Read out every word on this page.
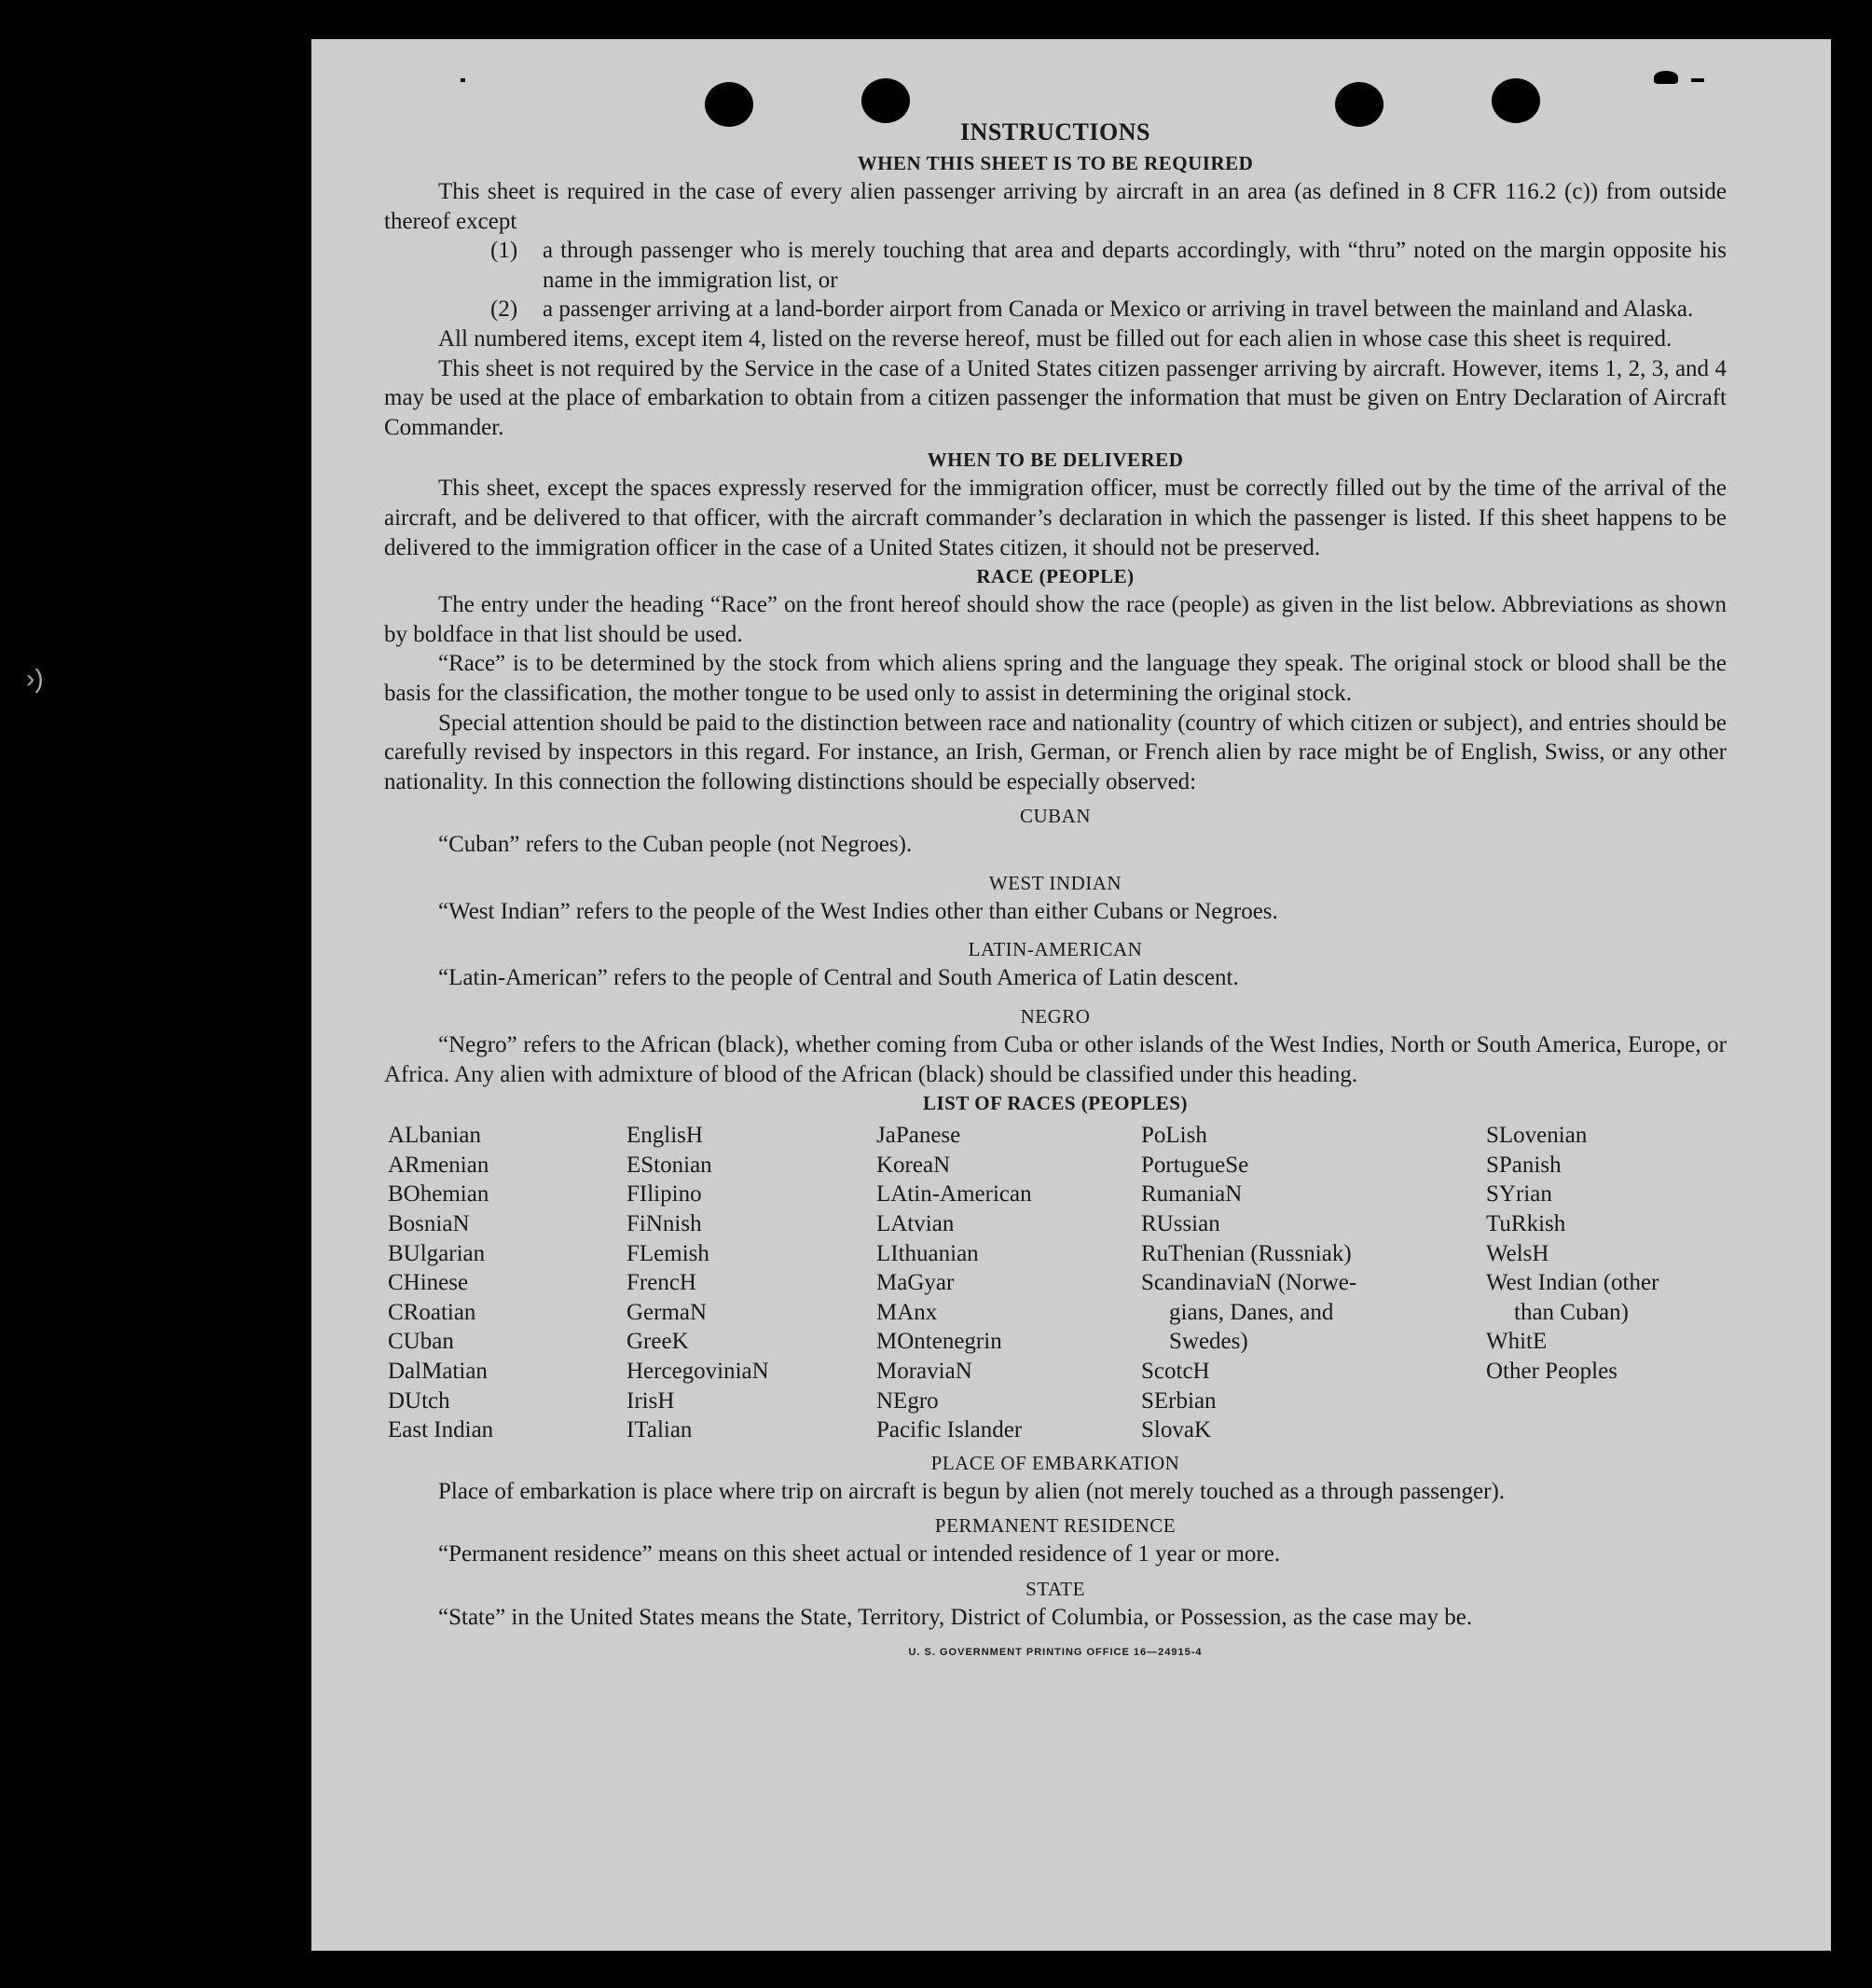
›)
INSTRUCTIONS
WHEN THIS SHEET IS TO BE REQUIRED

This sheet is required in the case of every alien passenger arriving by aircraft in an area (as defined in 8 CFR 116.2 (c)) from outside thereof except

(1)	a through passenger who is merely touching that area and departs accordingly, with “thru” noted on the margin opposite his name in the immigration list, or
(2)	a passenger arriving at a land-border airport from Canada or Mexico or arriving in travel between the mainland and Alaska.

All numbered items, except item 4, listed on the reverse hereof, must be filled out for each alien in whose case this sheet is required.

This sheet is not required by the Service in the case of a United States citizen passenger arriving by aircraft. However, items 1, 2, 3, and 4 may be used at the place of embarkation to obtain from a citizen passenger the information that must be given on Entry Declaration of Aircraft Commander.

WHEN TO BE DELIVERED

This sheet, except the spaces expressly reserved for the immigration officer, must be correctly filled out by the time of the arrival of the aircraft, and be delivered to that officer, with the aircraft commander’s declaration in which the passenger is listed. If this sheet happens to be delivered to the immigration officer in the case of a United States citizen, it should not be preserved.

RACE (PEOPLE)

The entry under the heading “Race” on the front hereof should show the race (people) as given in the list below. Abbreviations as shown by boldface in that list should be used.

“Race” is to be determined by the stock from which aliens spring and the language they speak. The original stock or blood shall be the basis for the classification, the mother tongue to be used only to assist in determining the original stock.

Special attention should be paid to the distinction between race and nationality (country of which citizen or subject), and entries should be carefully revised by inspectors in this regard. For instance, an Irish, German, or French alien by race might be of English, Swiss, or any other nationality. In this connection the following distinctions should be especially observed:

CUBAN

“Cuban” refers to the Cuban people (not Negroes).

WEST INDIAN

“West Indian” refers to the people of the West Indies other than either Cubans or Negroes.

LATIN-AMERICAN

“Latin-American” refers to the people of Central and South America of Latin descent.

NEGRO

“Negro” refers to the African (black), whether coming from Cuba or other islands of the West Indies, North or South America, Europe, or Africa. Any alien with admixture of blood of the African (black) should be classified under this heading.

LIST OF RACES (PEOPLES)
ALbanian
ARmenian
BOhemian
BosniaN
BUlgarian
CHinese
CRoatian
CUban
DalMatian
DUtch
East Indian
EnglisH
EStonian
FIlipino
FiNnish
FLemish
FrencH
GermaN
GreeK
HercegoviniaN
IrisH
ITalian
JaPanese
KoreaN
LAtin-American
LAtvian
LIthuanian
MaGyar
MAnx
MOntenegrin
MoraviaN
NEgro
Pacific Islander
PoLish
PortugueSe
RumaniaN
RUssian
RuThenian (Russniak)
ScandinaviaN (Norwe-
gians, Danes, and
Swedes)
ScotcH
SErbian
SlovaK
SLovenian
SPanish
SYrian
TuRkish
WelsH
West Indian (other
than Cuban)
WhitE
Other Peoples
PLACE OF EMBARKATION

Place of embarkation is place where trip on aircraft is begun by alien (not merely touched as a through passenger).

PERMANENT RESIDENCE

“Permanent residence” means on this sheet actual or intended residence of 1 year or more.

STATE

“State” in the United States means the State, Territory, District of Columbia, or Possession, as the case may be.

U. S. GOVERNMENT PRINTING OFFICE 16—24915-4
